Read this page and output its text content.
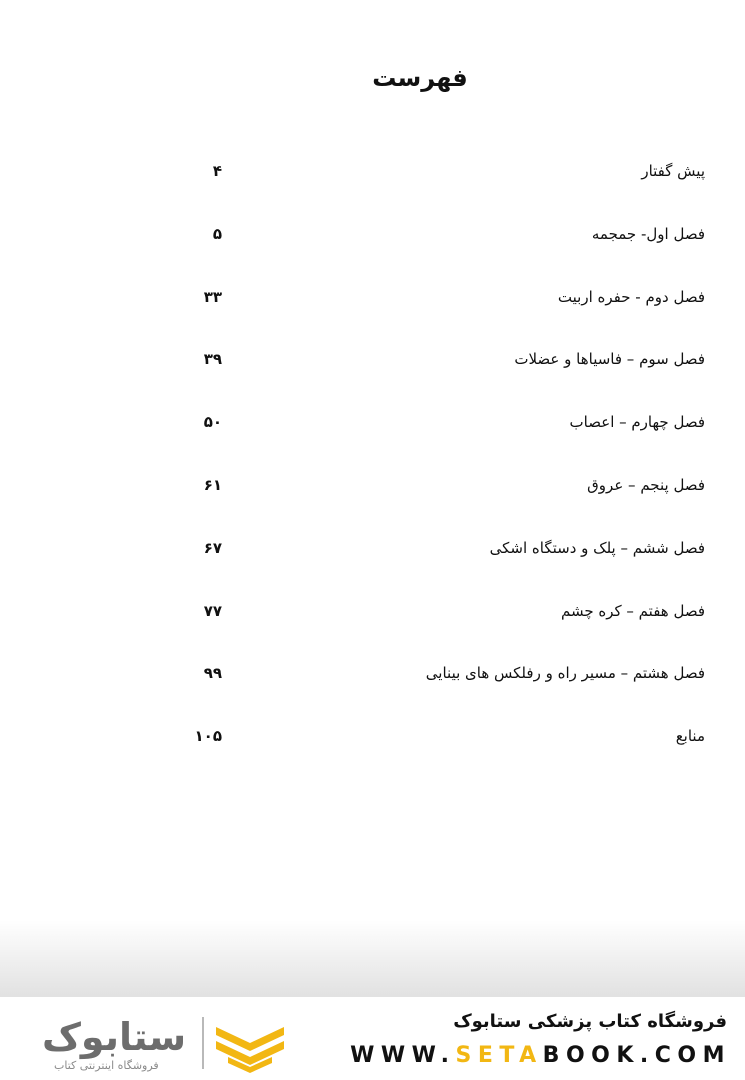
فهرست
پیش گفتار
۴
فصل اول- جمجمه
۵
فصل دوم - حفره اربیت
۳۳
فصل سوم – فاسیاها و عضلات
۳۹
فصل چهارم – اعصاب
۵۰
فصل پنجم – عروق
۶۱
فصل ششم – پلک و دستگاه اشکی
۶۷
فصل هفتم – کره چشم
۷۷
فصل هشتم – مسیر راه و رفلکس های بینایی
۹۹
منابع
۱۰۵
ستابوک
فروشگاه اینترنتی کتاب
فروشگاه کتاب پزشکی ستابوک
WWW.SETABOOK.COM
